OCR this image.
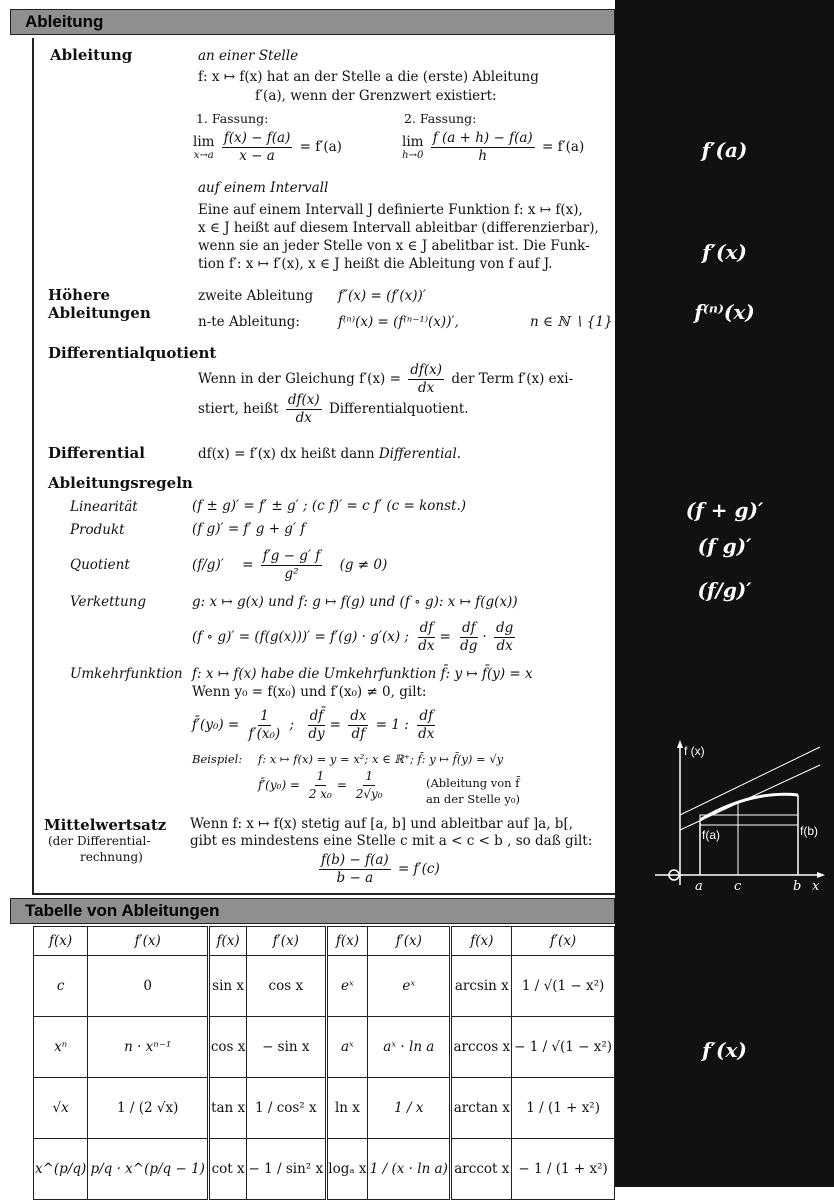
f′(a)
f′(x)
f⁽ⁿ⁾(x)
(f + g)′
(f g)′
(f/g)′
f′(x)
f (x)
f(a)	f(b)
a c	b x
Ableitung
Ableitung	an einer Stelle
f: x ↦ f(x) hat an der Stelle a die (erste) Ableitung
f′(a), wenn der Grenzwert existiert:
1. Fassung:	2. Fassung:
lim
x→a
$\frac{f(x) - f(a)}{x - a} = f'(a)$	lim
h→0
$\frac{f (a + h) - f(a)}{h} = f'(a)$
auf einem Intervall
Eine auf einem Intervall J definierte Funktion f: x ↦ f(x),
x ∈ J heißt auf diesem Intervall ableitbar (differenzierbar),
wenn sie an jeder Stelle von x ∈ J abelitbar ist. Die Funk-
tion f′: x ↦ f′(x), x ∈ J heißt die Ableitung von f auf J.
Höhere
Ableitungen
zweite Ableitung f″(x) = (f′(x))′
n-te Ableitung:	f⁽ⁿ⁾(x) = (f⁽ⁿ⁻¹⁾(x))′,	n ∈ ℕ ∖ {1}
Differentialquotient
Wenn in der Gleichung $f'(x) = \frac{df(x)}{dx}$ der Term f′(x) exi-
stiert, heißt $\frac{df(x)}{dx}$ Differentialquotient.
Differential	df(x) = f′(x) dx heißt dann Differential.
Ableitungsregeln
Linearität	(f ± g)′ = f′ ± g′ ; (c f)′ = c f′ (c = konst.)
Produkt	(f g)′ = f′ g + g′ f
Quotient	$(f/g)' = \frac{f'g - g' f}{\text{g²}} (g \ne 0)$
Verkettung	g: x ↦ g(x) und f: g ↦ f(g) und (f ∘ g): x ↦ f(g(x))
(f ∘ g)′ = (f(g(x)))′ = f′(g) · g′(x) ; $\frac{df}{dx} = \frac{df}{dg} \cdot \frac{dg}{dx}$
Umkehrfunktion f: x ↦ f(x) habe die Umkehrfunktion f̄: y ↦ f̄(y) = x
Wenn y₀ = f(x₀) und f′(x₀) ≠ 0, gilt:
f̄′(y₀) = $\frac{1}{\text{f′(x₀)}}$ ; $\frac{df̄}{dy} = \frac{dx}{df} = 1$ : $\frac{df}{dx}$
Beispiel: f: x ↦ f(x) = y = x²; x ∈ ℝ⁺; f̄: y ↦ f̄(y) = √y
f̄′(y₀) = $\frac{1}{\text{2 x₀}} = \frac{1}{\text{2√y₀}}$	(Ableitung von f̄
an der Stelle y₀)
Mittelwertsatz
(der Differential-
rechnung)
Wenn f: x ↦ f(x) stetig auf [a, b] und ableitbar auf ]a, b[,
gibt es mindestens eine Stelle c mit a < c < b , so daß gilt:
$\frac{f(b) - f(a)}{b - a} = f'(c)$
Tabelle von Ableitungen
f(x)	f′(x)	f(x)	f′(x)	f(x)	f′(x)	f(x)	f′(x)
c	0	sin x	cos x	eˣ	eˣ	arcsin x	1 / √(1 − x²)
xⁿ	n · xⁿ⁻¹	cos x	− sin x	aˣ	aˣ · ln a	arccos x	− 1 / √(1 − x²)
√x	1 / (2 √x)	tan x	1 / cos² x	ln x	1 / x	arctan x	1 / (1 + x²)
x^(p/q)	p/q · x^(p/q − 1)	cot x	− 1 / sin² x	logₐ x	1 / (x · ln a)	arccot x	− 1 / (1 + x²)
